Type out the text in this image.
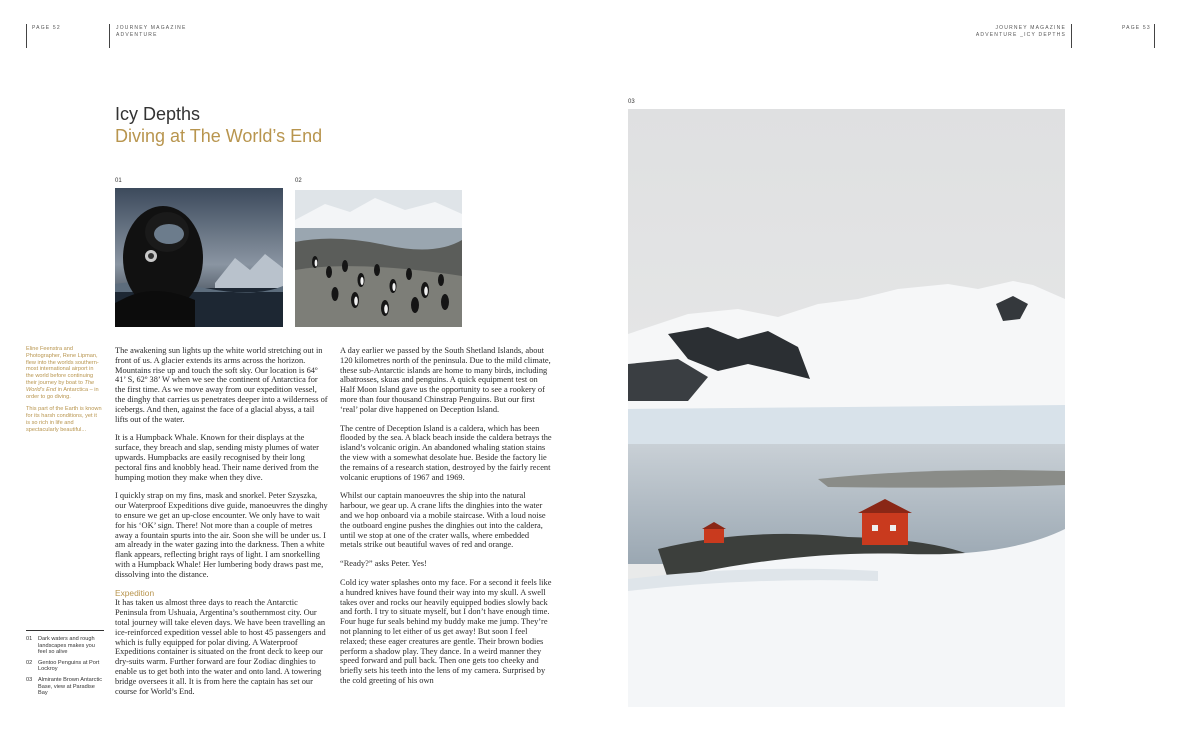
PAGE 52	JOURNEY MAGAZINE
ADVENTURE
JOURNEY MAGAZINE
ADVENTURE _ICY DEPTHS
PAGE 53
Icy Depths
Diving at The World’s End
01	02
03

Eline Feenstra and Photographer, Rene Lipman, flew into the worlds southern-most international airport in the world before continuing their journey by boat to The World’s End in Antarctica – in order to go diving.

This part of the Earth is known for its harsh conditions, yet it is so rich in life and spectacularly beautiful...

01	Dark waters and rough landscapes makes you feel so alive
02	Gentoo Penguins at Port Lockroy
03	Almirante Brown Antarctic Base, view at Paradise Bay

The awakening sun lights up the white world stretching out in front of us. A glacier extends its arms across the horizon. Mountains rise up and touch the soft sky. Our location is 64º 41’ S, 62º 38’ W when we see the continent of Antarctica for the first time. As we move away from our expedition vessel, the dinghy that carries us penetrates deeper into a wilderness of icebergs. And then, against the face of a glacial abyss, a tail lifts out of the water.

It is a Humpback Whale. Known for their displays at the surface, they breach and slap, sending misty plumes of water upwards. Humpbacks are easily recognised by their long pectoral fins and knobbly head. Their name derived from the humping motion they make when they dive.

I quickly strap on my fins, mask and snorkel. Peter Szyszka, our Waterproof Expeditions dive guide, manoeuvres the dinghy to ensure we get an up-close encounter. We only have to wait for his ‘OK’ sign. There! Not more than a couple of metres away a fountain spurts into the air. Soon she will be under us. I am already in the water gazing into the darkness. Then a white flank appears, reflecting bright rays of light. I am snorkelling with a Humpback Whale! Her lumbering body draws past me, dissolving into the distance.

Expedition

It has taken us almost three days to reach the Antarctic Peninsula from Ushuaia, Argentina’s southernmost city. Our total journey will take eleven days. We have been travelling an ice-reinforced expedition vessel able to host 45 passengers and which is fully equipped for polar diving. A Waterproof Expeditions container is situated on the front deck to keep our dry-suits warm. Further forward are four Zodiac dinghies to enable us to get both into the water and onto land. A towering bridge oversees it all. It is from here the captain has set our course for World’s End.

A day earlier we passed by the South Shetland Islands, about 120 kilometres north of the peninsula. Due to the mild climate, these sub-Antarctic islands are home to many birds, including albatrosses, skuas and penguins. A quick equipment test on Half Moon Island gave us the opportunity to see a rookery of more than four thousand Chinstrap Penguins. But our first ‘real’ polar dive happened on Deception Island.

The centre of Deception Island is a caldera, which has been flooded by the sea. A black beach inside the caldera betrays the island’s volcanic origin. An abandoned whaling station stains the view with a somewhat desolate hue. Beside the factory lie the remains of a research station, destroyed by the fairly recent volcanic eruptions of 1967 and 1969.

Whilst our captain manoeuvres the ship into the natural harbour, we gear up. A crane lifts the dinghies into the water and we hop onboard via a mobile staircase. With a loud noise the outboard engine pushes the dinghies out into the caldera, until we stop at one of the crater walls, where embedded metals strike out beautiful waves of red and orange.

“Ready?” asks Peter. Yes!

Cold icy water splashes onto my face. For a second it feels like a hundred knives have found their way into my skull. A swell takes over and rocks our heavily equipped bodies slowly back and forth. I try to situate myself, but I don’t have enough time. Four huge fur seals behind my buddy make me jump. They’re not planning to let either of us get away! But soon I feel relaxed; these eager creatures are gentle. Their brown bodies perform a shadow play. They dance. In a weird manner they speed forward and pull back. Then one gets too cheeky and briefly sets his teeth into the lens of my camera. Surprised by the cold greeting of his own
